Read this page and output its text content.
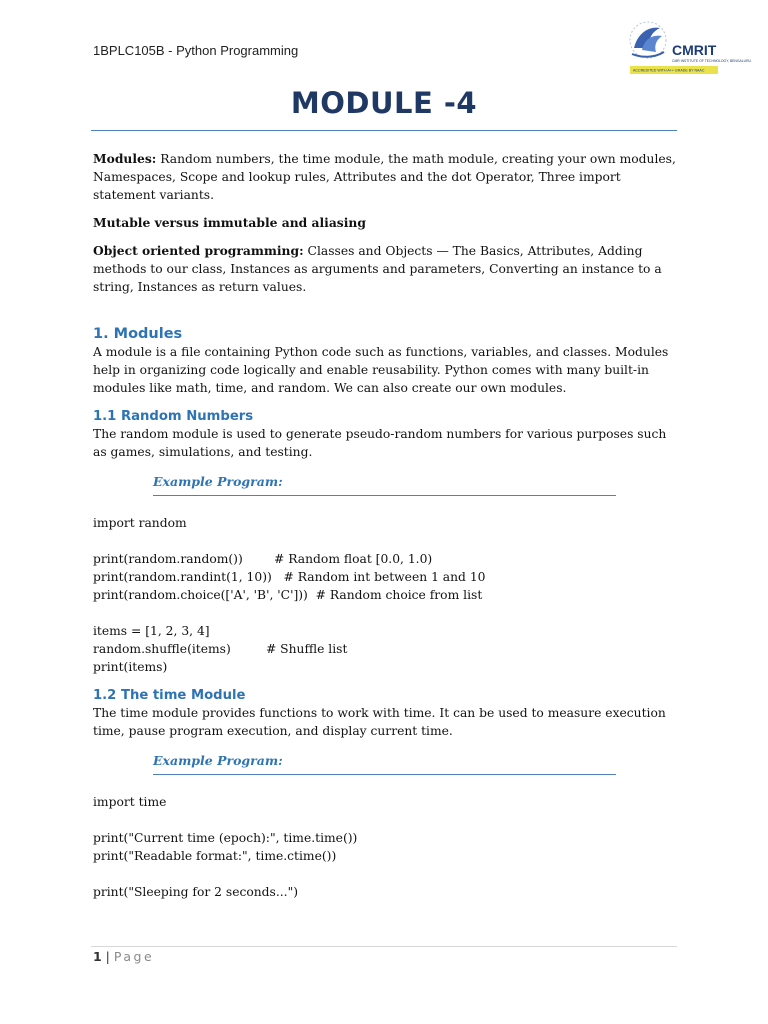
1BPLC105B - Python Programming	CMRIT
CMR INSTITUTE OF TECHNOLOGY, BENGALURU
ACCREDITED WITH A++ GRADE BY NAAC
MODULE -4

Modules: Random numbers, the time module, the math module, creating your own modules, Namespaces, Scope and lookup rules, Attributes and the dot Operator, Three import statement variants.

Mutable versus immutable and aliasing

Object oriented programming: Classes and Objects — The Basics, Attributes, Adding methods to our class, Instances as arguments and parameters, Converting an instance to a string, Instances as return values.

1. Modules

A module is a file containing Python code such as functions, variables, and classes. Modules help in organizing code logically and enable reusability. Python comes with many built-in modules like math, time, and random. We can also create our own modules.

1.1 Random Numbers

The random module is used to generate pseudo-random numbers for various purposes such as games, simulations, and testing.

Example Program:
import random
print(random.random())        # Random float [0.0, 1.0)
print(random.randint(1, 10))   # Random int between 1 and 10
print(random.choice(['A', 'B', 'C']))  # Random choice from list
items = [1, 2, 3, 4]
random.shuffle(items)         # Shuffle list
print(items)
1.2 The time Module

The time module provides functions to work with time. It can be used to measure execution time, pause program execution, and display current time.

Example Program:
import time
print("Current time (epoch):", time.time())
print("Readable format:", time.ctime())
print("Sleeping for 2 seconds...")
1 | Page
